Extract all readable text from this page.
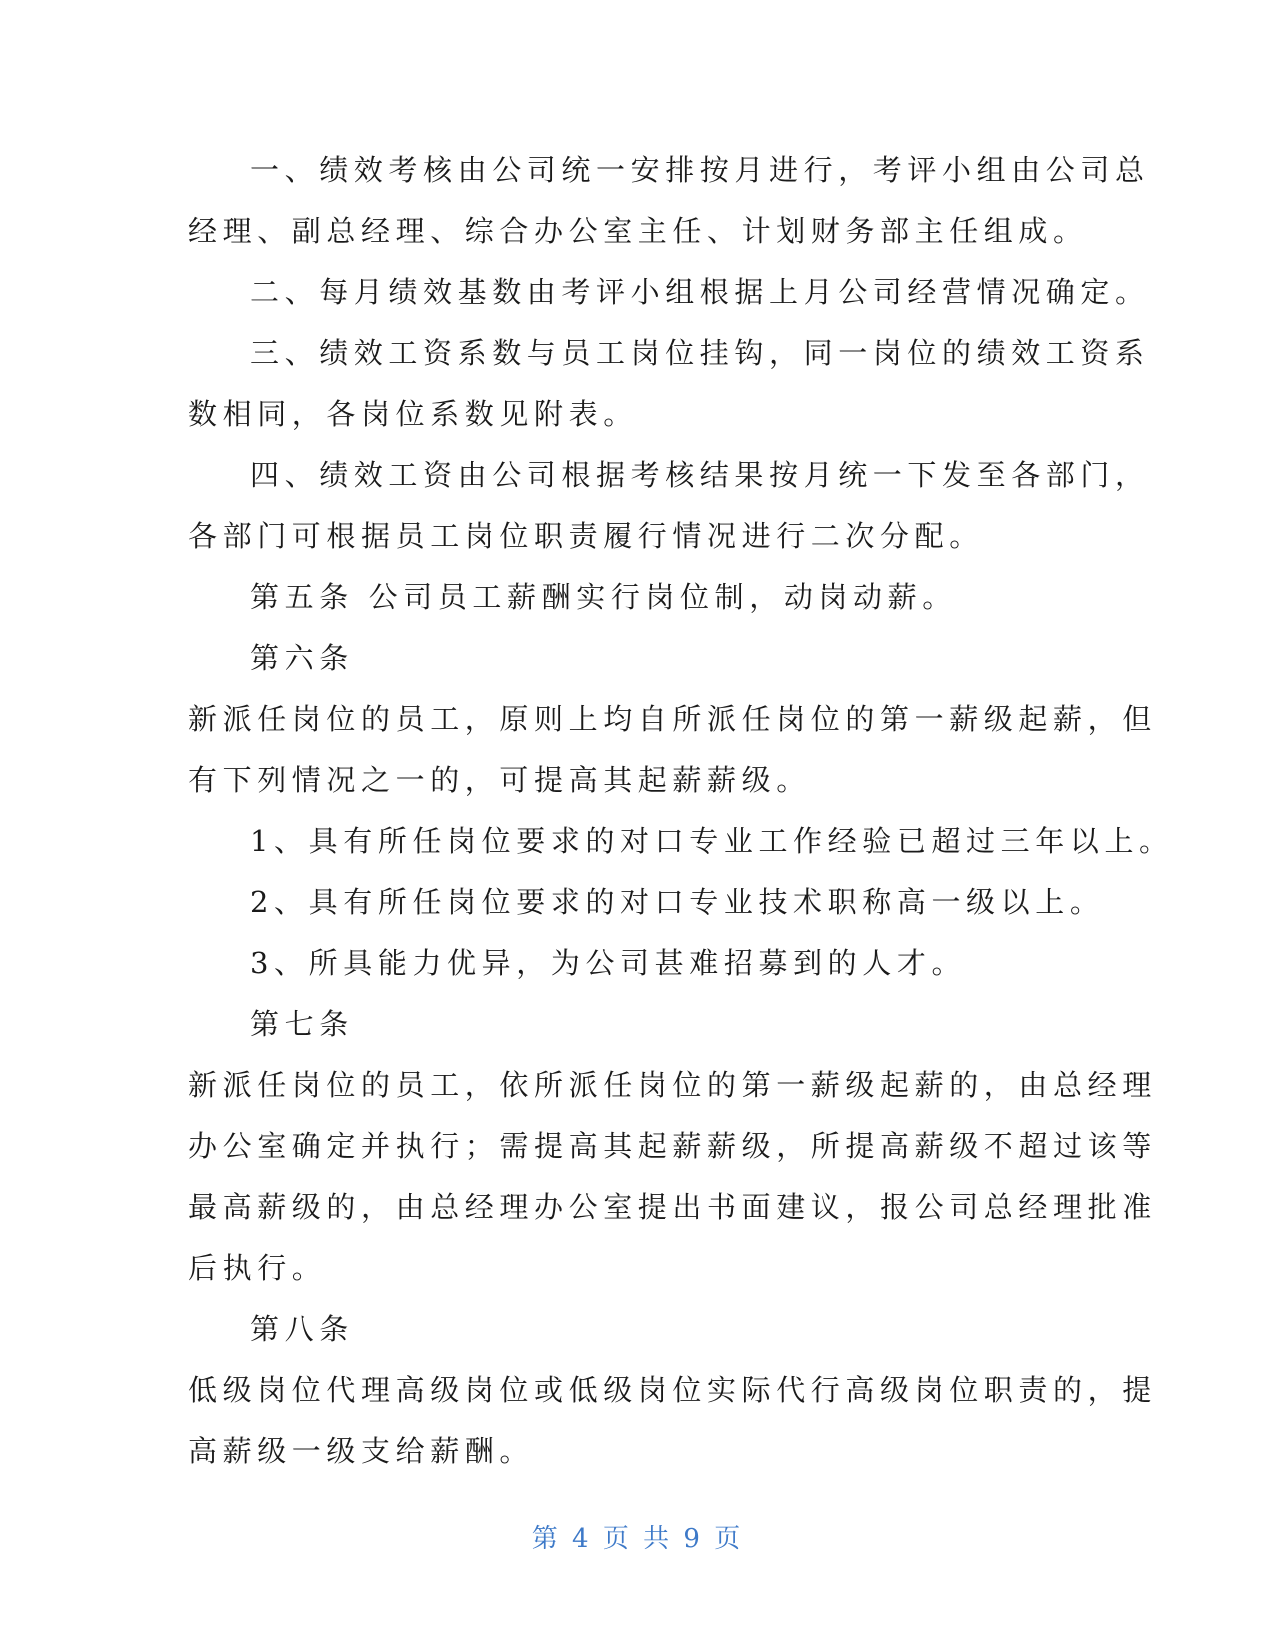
一、绩效考核由公司统一安排按月进行，考评小组由公司总
经理、副总经理、综合办公室主任、计划财务部主任组成。
二、每月绩效基数由考评小组根据上月公司经营情况确定。
三、绩效工资系数与员工岗位挂钩，同一岗位的绩效工资系
数相同，各岗位系数见附表。
四、绩效工资由公司根据考核结果按月统一下发至各部门，
各部门可根据员工岗位职责履行情况进行二次分配。
第五条 公司员工薪酬实行岗位制，动岗动薪。
第六条
新派任岗位的员工，原则上均自所派任岗位的第一薪级起薪，但
有下列情况之一的，可提高其起薪薪级。
1、具有所任岗位要求的对口专业工作经验已超过三年以上。
2、具有所任岗位要求的对口专业技术职称高一级以上。
3、所具能力优异，为公司甚难招募到的人才。
第七条
新派任岗位的员工，依所派任岗位的第一薪级起薪的，由总经理
办公室确定并执行；需提高其起薪薪级，所提高薪级不超过该等
最高薪级的，由总经理办公室提出书面建议，报公司总经理批准
后执行。
第八条
低级岗位代理高级岗位或低级岗位实际代行高级岗位职责的，提
高薪级一级支给薪酬。
第 4 页 共 9 页
